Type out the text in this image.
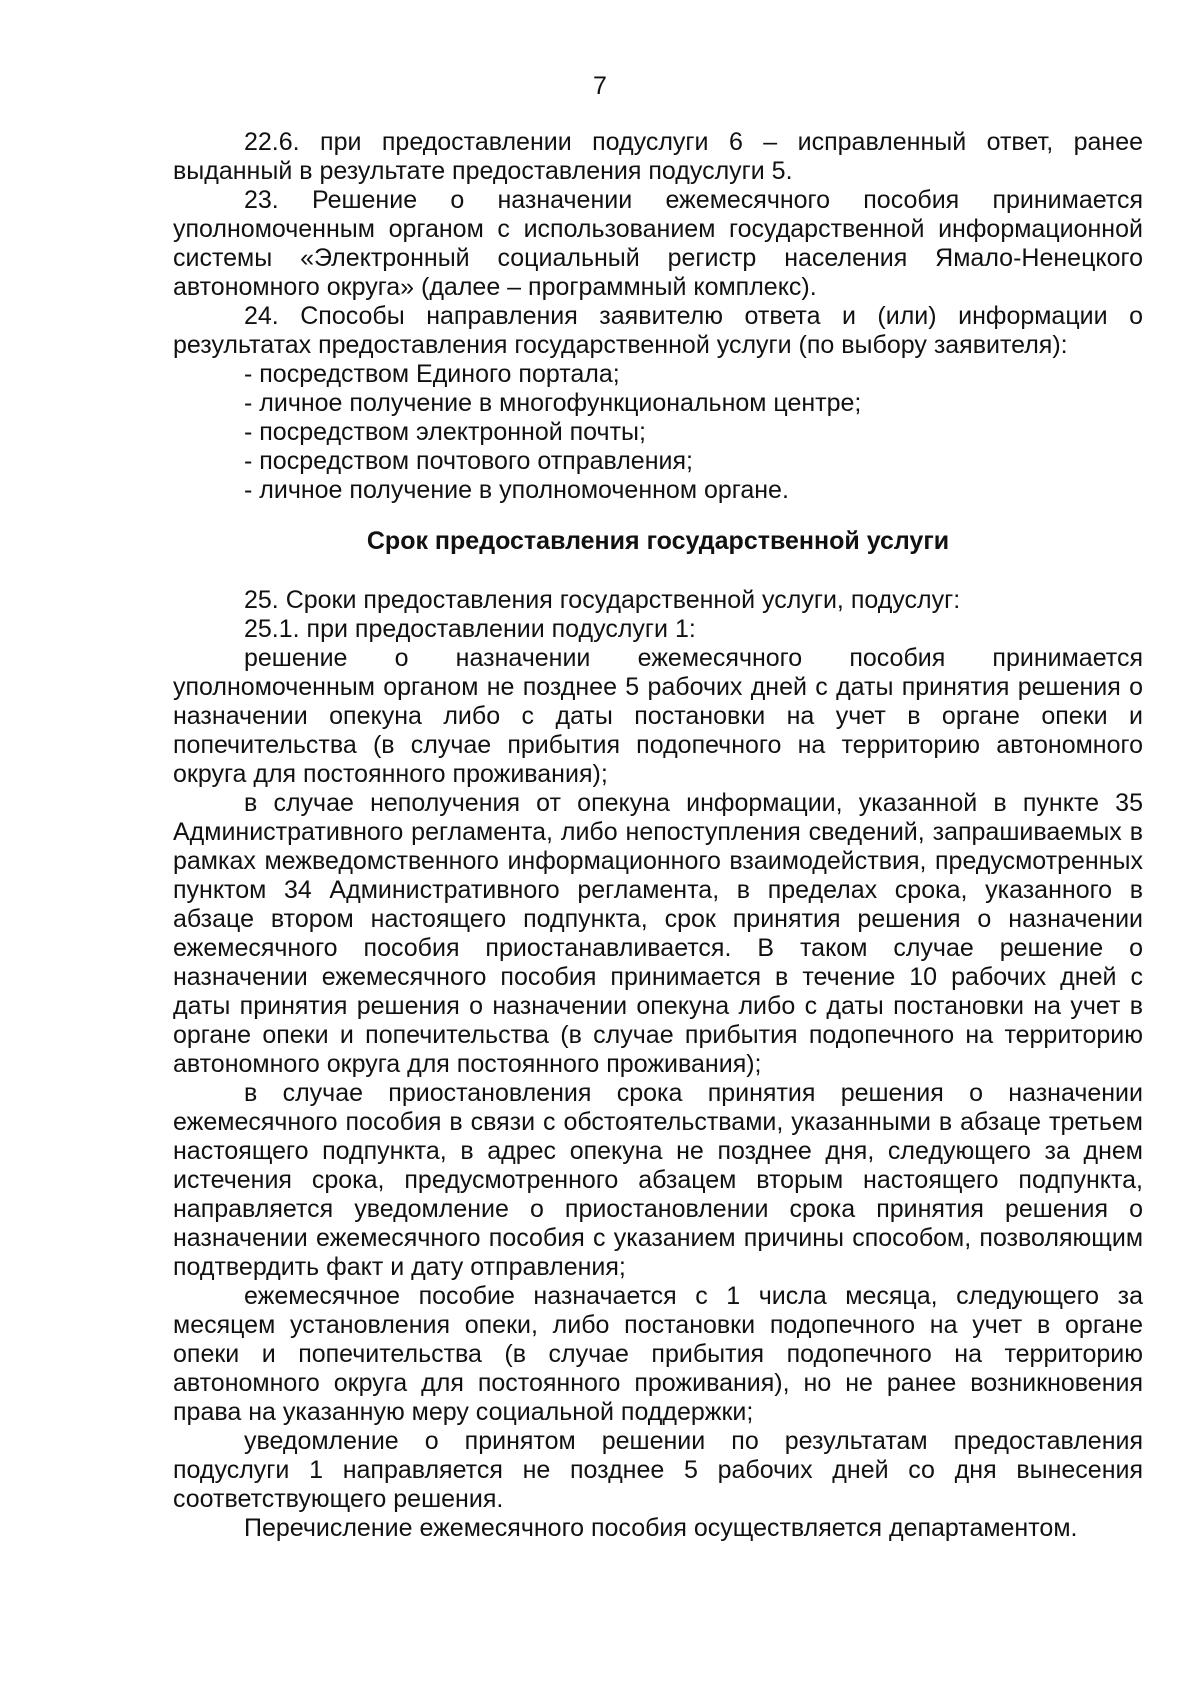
7

22.6. при предоставлении подуслуги 6 – исправленный ответ, ранее выданный в результате предоставления подуслуги 5.

23. Решение о назначении ежемесячного пособия принимается уполномоченным органом с использованием государственной информационной системы «Электронный социальный регистр населения Ямало-Ненецкого автономного округа» (далее – программный комплекс).

24. Способы направления заявителю ответа и (или) информации о результатах предоставления государственной услуги (по выбору заявителя):

- посредством Единого портала;

- личное получение в многофункциональном центре;

- посредством электронной почты;

- посредством почтового отправления;

- личное получение в уполномоченном органе.

Срок предоставления государственной услуги

25. Сроки предоставления государственной услуги, подуслуг:

25.1. при предоставлении подуслуги 1:

решение о назначении ежемесячного пособия принимается уполномоченным органом не позднее 5 рабочих дней с даты принятия решения о назначении опекуна либо с даты постановки на учет в органе опеки и попечительства (в случае прибытия подопечного на территорию автономного округа для постоянного проживания);

в случае неполучения от опекуна информации, указанной в пункте 35 Административного регламента, либо непоступления сведений, запрашиваемых в рамках межведомственного информационного взаимодействия, предусмотренных пунктом 34 Административного регламента, в пределах срока, указанного в абзаце втором настоящего подпункта, срок принятия решения о назначении ежемесячного пособия приостанавливается. В таком случае решение о назначении ежемесячного пособия принимается в течение 10 рабочих дней с даты принятия решения о назначении опекуна либо с даты постановки на учет в органе опеки и попечительства (в случае прибытия подопечного на территорию автономного округа для постоянного проживания);

в случае приостановления срока принятия решения о назначении ежемесячного пособия в связи с обстоятельствами, указанными в абзаце третьем настоящего подпункта, в адрес опекуна не позднее дня, следующего за днем истечения срока, предусмотренного абзацем вторым настоящего подпункта, направляется уведомление о приостановлении срока принятия решения о назначении ежемесячного пособия с указанием причины способом, позволяющим подтвердить факт и дату отправления;

ежемесячное пособие назначается с 1 числа месяца, следующего за месяцем установления опеки, либо постановки подопечного на учет в органе опеки и попечительства (в случае прибытия подопечного на территорию автономного округа для постоянного проживания), но не ранее возникновения права на указанную меру социальной поддержки;

уведомление о принятом решении по результатам предоставления подуслуги 1 направляется не позднее 5 рабочих дней со дня вынесения соответствующего решения.

Перечисление ежемесячного пособия осуществляется департаментом.
